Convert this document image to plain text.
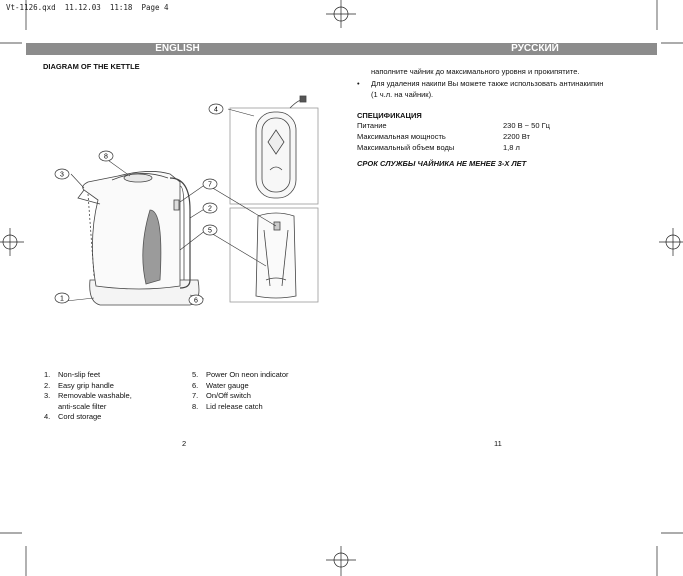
Vt-1126.qxd  11.12.03  11:18  Page 4
ENGLISH	РУССКИЙ
DIAGRAM OF THE KETTLE
1
2
3
4
5
6
7
8
наполните чайник до максимального уровня и прокипятите.
• Для удаления накипи Вы можете также использовать антинакипин
(1 ч.л. на чайник).
СПЕЦИФИКАЦИЯ
Питание	230 В ~ 50 Гц
Максимальная мощность	2200 Вт
Максимальный объем воды	1,8 л
СРОК СЛУЖБЫ ЧАЙНИКА НЕ МЕНЕЕ 3-Х ЛЕТ
1. Non-slip feet
2. Easy grip handle
3. Removable washable,
anti-scale filter
4. Cord storage
5. Power On neon indicator
6. Water gauge
7. On/Off switch
8. Lid release catch
2	11
